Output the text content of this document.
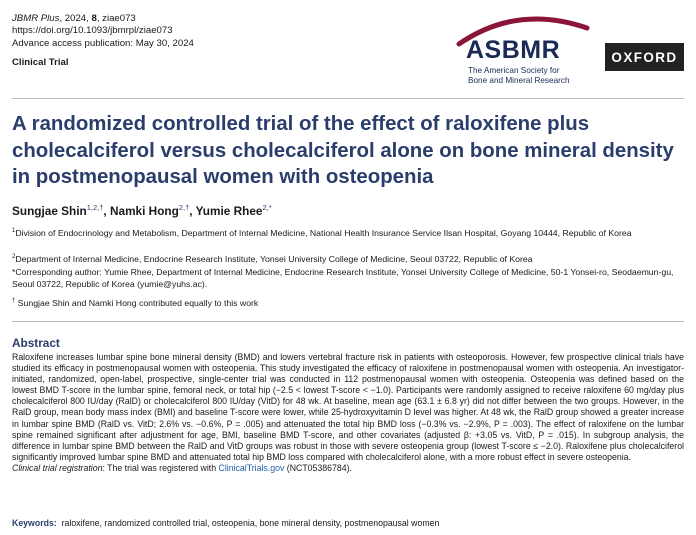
JBMR Plus, 2024, 8, ziae073
https://doi.org/10.1093/jbmrpl/ziae073
Advance access publication: May 30, 2024
Clinical Trial	ASBMR
The American Society for
Bone and Mineral Research
OXFORD
A randomized controlled trial of the effect of raloxifene plus cholecalciferol versus cholecalciferol alone on bone mineral density in postmenopausal women with osteopenia
Sungjae Shin$^{1,2,\dagger}$, Namki Hong$^{2,\dagger}$, Yumie Rhee$^{2,*}$
$^1$Division of Endocrinology and Metabolism, Department of Internal Medicine, National Health Insurance Service Ilsan Hospital, Goyang 10444, Republic of Korea
$^2$Department of Internal Medicine, Endocrine Research Institute, Yonsei University College of Medicine, Seoul 03722, Republic of Korea
*Corresponding author: Yumie Rhee, Department of Internal Medicine, Endocrine Research Institute, Yonsei University College of Medicine, 50-1 Yonsei-ro, Seodaemun-gu, Seoul 03722, Republic of Korea (yumie@yuhs.ac).
† Sungjae Shin and Namki Hong contributed equally to this work
Abstract
Raloxifene increases lumbar spine bone mineral density (BMD) and lowers vertebral fracture risk in patients with osteoporosis. However, few prospective clinical trials have studied its efficacy in postmenopausal women with osteopenia. This study investigated the efficacy of raloxifene in postmenopausal women with osteopenia. An investigator-initiated, randomized, open-label, prospective, single-center trial was conducted in 112 postmenopausal women with osteopenia. Osteopenia was defined based on the lowest BMD T-score in the lumbar spine, femoral neck, or total hip (−2.5 < lowest T-score < −1.0). Participants were randomly assigned to receive raloxifene 60 mg/day plus cholecalciferol 800 IU/day (RalD) or cholecalciferol 800 IU/day (VitD) for 48 wk. At baseline, mean age (63.1 ± 6.8 yr) did not differ between the two groups. However, in the RalD group, mean body mass index (BMI) and baseline T-score were lower, while 25-hydroxyvitamin D level was higher. At 48 wk, the RalD group showed a greater increase in lumbar spine BMD (RalD vs. VitD; 2.6% vs. −0.6%, P = .005) and attenuated the total hip BMD loss (−0.3% vs. −2.9%, P = .003). The effect of raloxifene on the lumbar spine remained significant after adjustment for age, BMI, baseline BMD T-score, and other covariates (adjusted β: +3.05 vs. VitD, P = .015). In subgroup analysis, the difference in lumbar spine BMD between the RalD and VitD groups was robust in those with severe osteopenia group (lowest T-score ≤ −2.0). Raloxifene plus cholecalciferol significantly improved lumbar spine BMD and attenuated total hip BMD loss compared with cholecalciferol alone, with a more robust effect in severe osteopenia.
Clinical trial registration: The trial was registered with ClinicalTrials.gov (NCT05386784).
Keywords: raloxifene, randomized controlled trial, osteopenia, bone mineral density, postmenopausal women
